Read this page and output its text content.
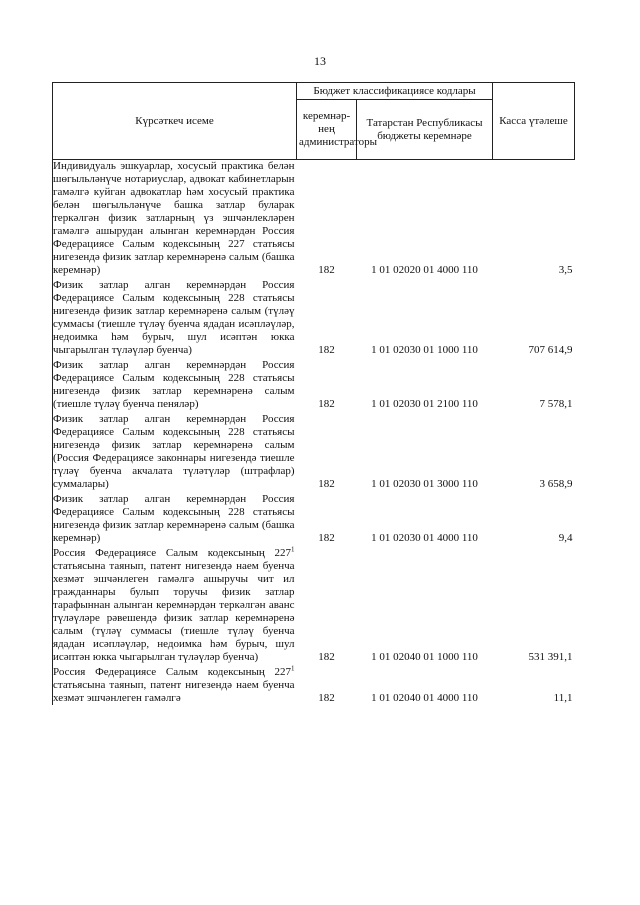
13
Күрсәткеч исеме	Бюджет классификациясе кодлары		Касса үтәлеше
	керемнәр-нең администраторы	Татарстан Республикасы бюджеты керемнәре	
Индивидуаль эшкуарлар, хосусый практика белән шөгыльләнүче нотариуслар, адвокат кабинетларын гамәлгә куйган адвокатлар һәм хосусый практика белән шөгыльләнүче башка затлар буларак теркәлгән физик затларның үз эшчәнлекләрен гамәлгә ашырудан алынган керемнәрдән Россия Федерациясе Салым кодексының 227 статьясы нигезендә физик затлар керемнәренә салым (башка керемнәр)	182	1 01 02020 01 4000 110	3,5
Физик затлар алган керемнәрдән Россия Федерациясе Салым кодексының 228 статьясы нигезендә физик затлар керемнәренә салым (түләү суммасы (тиешле түләү буенча ядадан исәпләүләр, недоимка һәм бурыч, шул исәптән юкка чыгарылган түләүләр буенча)	182	1 01 02030 01 1000 110	707 614,9
Физик затлар алган керемнәрдән Россия Федерациясе Салым кодексының 228 статьясы нигезендә физик затлар керемнәренә салым (тиешле түләү буенча пеняләр)	182	1 01 02030 01 2100 110	7 578,1
Физик затлар алган керемнәрдән Россия Федерациясе Салым кодексының 228 статьясы нигезендә физик затлар керемнәренә салым (Россия Федерациясе законнары нигезендә тиешле түләү буенча акчалата түләтүләр (штрафлар) суммалары)	182	1 01 02030 01 3000 110	3 658,9
Физик затлар алган керемнәрдән Россия Федерациясе Салым кодексының 228 статьясы нигезендә физик затлар керемнәренә салым (башка керемнәр)	182	1 01 02030 01 4000 110	9,4
Россия Федерациясе Салым кодексының $227^1$ статьясына таянып, патент нигезендә наем буенча хезмәт эшчәнлеген гамәлгә ашыручы чит ил гражданнары булып торучы физик затлар тарафыннан алынган керемнәрдән теркәлгән аванс түләүләре рәвешендә физик затлар керемнәренә салым (түләү суммасы (тиешле түләү буенча ядадан исәпләүләр, недоимка һәм бурыч, шул исәптән юкка чыгарылган түләүләр буенча)	182	1 01 02040 01 1000 110	531 391,1
Россия Федерациясе Салым кодексының $227^1$ статьясына таянып, патент нигезендә наем буенча хезмәт эшчәнлеген гамәлгә	182	1 01 02040 01 4000 110	11,1
